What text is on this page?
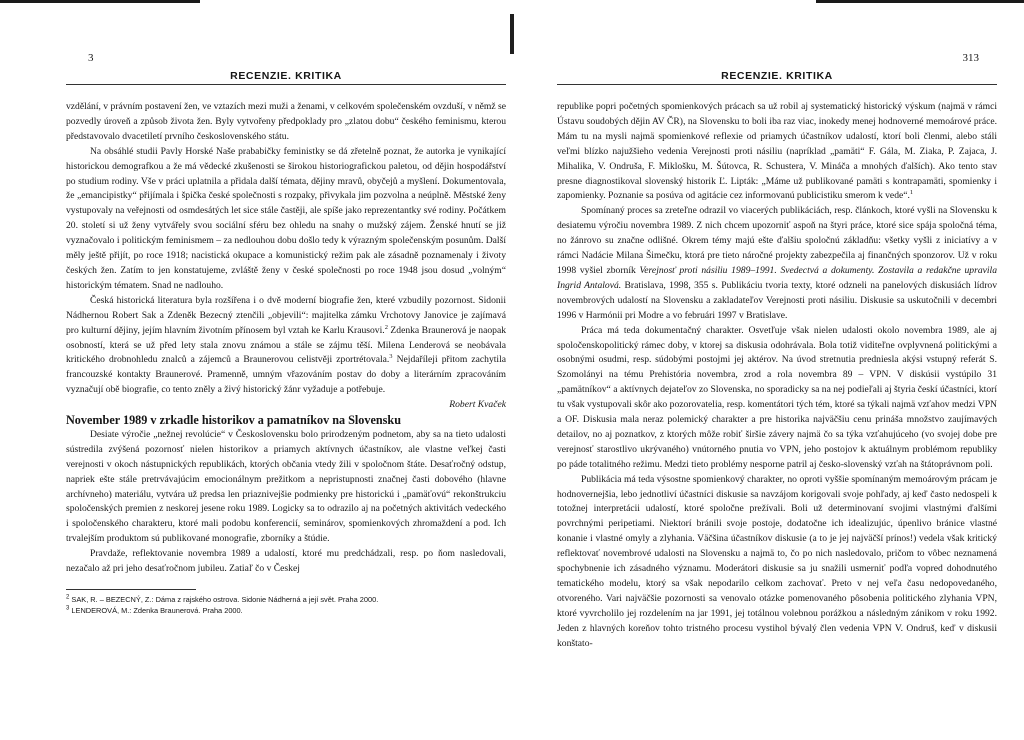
3
RECENZIE. KRITIKA

vzdělání, v právním postavení žen, ve vztazích mezi muži a ženami, v celkovém společenském ovzduší, v němž se pozvedly úroveň a způsob života žen. Byly vytvořeny předpoklady pro „zlatou dobu“ českého feminismu, kterou představovalo dvacetiletí prvního československého státu.

Na obsáhlé studii Pavly Horské Naše prababičky feministky se dá zřetelně poznat, že autorka je vynikající historickou demografkou a že má vědecké zkušenosti se širokou historiografickou paletou, od dějin hospodářství po studium rodiny. Vše v práci uplatnila a přidala další témata, dějiny mravů, obyčejů a myšlení. Dokumentovala, že „emancipistky“ přijímala i špička české společnosti s rozpaky, přivykala jim pozvolna a neúplně. Městské ženy vystupovaly na veřejnosti od osmdesátých let sice stále častěji, ale spíše jako reprezentantky své rodiny. Počátkem 20. století si už ženy vytvářely svou sociální sféru bez ohledu na snahy o mužský zájem. Ženské hnutí se již vyznačovalo i politickým feminismem – za nedlouhou dobu došlo tedy k výrazným společenským posunům. Další měly ještě přijít, po roce 1918; nacistická okupace a komunistický režim pak ale zásadně poznamenaly i životy českých žen. Zatím to jen konstatujeme, zvláště ženy v české společnosti po roce 1948 jsou dosud „volným“ historickým tématem. Snad ne nadlouho.

Česká historická literatura byla rozšířena i o dvě moderní biografie žen, které vzbudily pozornost. Sidonii Nádhernou Robert Sak a Zdeněk Bezecný ztenčili „objevili“: majitelka zámku Vrchotovy Janovice je zajímavá pro kulturní dějiny, jejím hlavním životním přínosem byl vztah ke Karlu Krausovi.$^2$ Zdenka Braunerová je naopak osobností, která se už před lety stala znovu známou a stále se zájmu těší. Milena Lenderová se neobávala kritického drobnohledu znalců a zájemců a Braunerovou celistvěji zportrétovala.$^3$ Nejdaříleji přitom zachytila francouzské kontakty Braunerové. Pramenně, umným vřazováním postav do doby a literárním zpracováním vyznačují obě biografie, co tento zněly a živý historický žánr vyžaduje a potřebuje.

Robert Kvaček

November 1989 v zrkadle historikov a pamatníkov na Slovensku

Desiate výročie „nežnej revolúcie“ v Československu bolo prirodzeným podnetom, aby sa na tieto udalosti sústredila zvýšená pozornosť nielen historikov a priamych aktívnych účastníkov, ale vlastne veľkej časti verejnosti v okoch nástupnických republikách, ktorých občania vtedy žili v spoločnom štáte. Desaťročný odstup, napriek ešte stále pretrvávajúcim emocionálnym prežitkom a nepristupnosti značnej časti dobového (hlavne archívneho) materiálu, vytvára už predsa len priaznivejšie podmienky pre historickú i „pamäťovú“ rekonštrukciu spoločenských premien z neskorej jesene roku 1989. Logicky sa to odrazilo aj na početných aktivitách vedeckého i spoločenského charakteru, ktoré mali podobu konferencií, seminárov, spomienkových zhromaždení a pod. Ich trvalejším produktom sú publikované monografie, zborníky a štúdie.

Pravdaže, reflektovanie novembra 1989 a udalostí, ktoré mu predchádzali, resp. po ňom nasledovali, nezačalo až pri jeho desaťročnom jubileu. Zatiaľ čo v Českej

$^2$ SAK, R. – BEZECNÝ, Z.: Dáma z rajského ostrova. Sidonie Nádherná a její svět. Praha 2000.
$^3$ LENDEROVÁ, M.: Zdenka Braunerová. Praha 2000.
313
RECENZIE. KRITIKA

republike popri početných spomienkových prácach sa už robil aj systematický historický výskum (najmä v rámci Ústavu soudobých dějin AV ČR), na Slovensku to boli iba raz viac, inokedy menej hodnoverné memoárové práce. Mám tu na mysli najmä spomienkové reflexie od priamych účastníkov udalostí, ktorí boli členmi, alebo stáli veľmi blízko najužšieho vedenia Verejnosti proti násiliu (napríklad „pamäti“ F. Gála, M. Ziaka, P. Zajaca, J. Mihalika, V. Ondruša, F. Miklošku, M. Šútovca, R. Schustera, V. Mináča a mnohých ďalších). Ako tento stav presne diagnostikoval slovenský historik Ľ. Lipták: „Máme už publikované pamäti s kontrapamäti, spomienky i zapomienky. Poznanie sa posúva od agitácie cez informovanú publicistiku smerom k vede“.$^1$

Spomínaný proces sa zreteľne odrazil vo viacerých publikáciách, resp. článkoch, ktoré vyšli na Slovensku k desiatemu výročiu novembra 1989. Z nich chcem upozorniť aspoň na štyri práce, ktoré sice spája spoločná téma, no žánrovo su značne odlišné. Okrem témy majú ešte ďalšiu spoločnú základňu: všetky vyšli z iniciatívy a v rámci Nadácie Milana Šimečku, ktorá pre tieto náročné projekty zabezpečila aj finančných sponzorov. Už v roku 1998 vyšiel zborník Verejnosť proti násiliu 1989–1991. Svedectvá a dokumenty. Zostavila a redakčne upravila Ingrid Antalová. Bratislava, 1998, 355 s. Publikáciu tvoria texty, ktoré odzneli na panelových diskusiách lídrov novembrových udalostí na Slovensku a zakladateľov Verejnosti proti násiliu. Diskusie sa uskutočnili v decembri 1996 v Harmónii pri Modre a vo februári 1997 v Bratislave.

Práca má teda dokumentačný charakter. Osvetľuje však nielen udalosti okolo novembra 1989, ale aj spoločenskopolitický rámec doby, v ktorej sa diskusia odohrávala. Bola totiž viditeľne ovplyvnená politickými a osobnými osudmi, resp. súdobými postojmi jej aktérov. Na úvod stretnutia predniesla akýsi vstupný referát S. Szomolányi na tému Prehistória novembra, zrod a rola novembra 89 – VPN. V diskúsii vystúpilo 31 „pamätníkov“ a aktívnych dejateľov zo Slovenska, no sporadicky sa na nej podieľali aj štyria českí účastníci, ktorí tu však vystupovali skôr ako pozorovatelia, resp. komentátori tých tém, ktoré sa týkali najmä vzťahov medzi VPN a OF. Diskusia mala neraz polemický charakter a pre historika najväčšiu cenu prináša množstvo zaujímavých detailov, no aj poznatkov, z ktorých môže robiť širšie závery najmä čo sa týka vzťahujúceho (vo svojej dobe pre verejnosť starostlivo ukrývaného) vnútorného pnutia vo VPN, jeho postojov k aktuálnym problémom republiky po páde totalitného režimu. Medzi tieto problémy nesporne patril aj česko-slovenský vzťah na štátoprávnom poli.

Publikácia má teda výsostne spomienkový charakter, no oproti vyššie spomínaným memoárovým prácam je hodnovernejšia, lebo jednotliví účastníci diskusie sa navzájom korigovali svoje pohľady, aj keď často nedospeli k totožnej interpretácii udalostí, ktoré spoločne prežívali. Boli už determinovaní svojimi vlastnými ďalšími povrchnými peripetiami. Niektorí bránili svoje postoje, dodatočne ich idealizujúc, úpenlivo bránice vlastné konanie i vlastné omyly a zlyhania. Väčšina účastníkov diskusie (a to je jej najväčší prínos!) vedela však kritický reflektovať novembrové udalosti na Slovensku a najmä to, čo po nich nasledovalo, pričom to vôbec neznamená spochybnenie ich zásadného významu. Moderátori diskusie sa ju snažili usmerniť podľa vopred dohodnutého tematického modelu, ktorý sa však nepodarilo celkom zachovať. Preto v nej veľa času nedopovedaného, otvoreného. Vari najväčšie pozornosti sa venovalo otázke pomenovaného pôsobenia politického zlyhania VPN, ktoré vyvrcholilo jej rozdelením na jar 1991, jej totálnou volebnou porážkou a následným zánikom v roku 1992. Jeden z hlavných koreňov tohto tristného procesu vystihol bývalý člen vedenia VPN V. Ondruš, keď v diskusii konštato-
